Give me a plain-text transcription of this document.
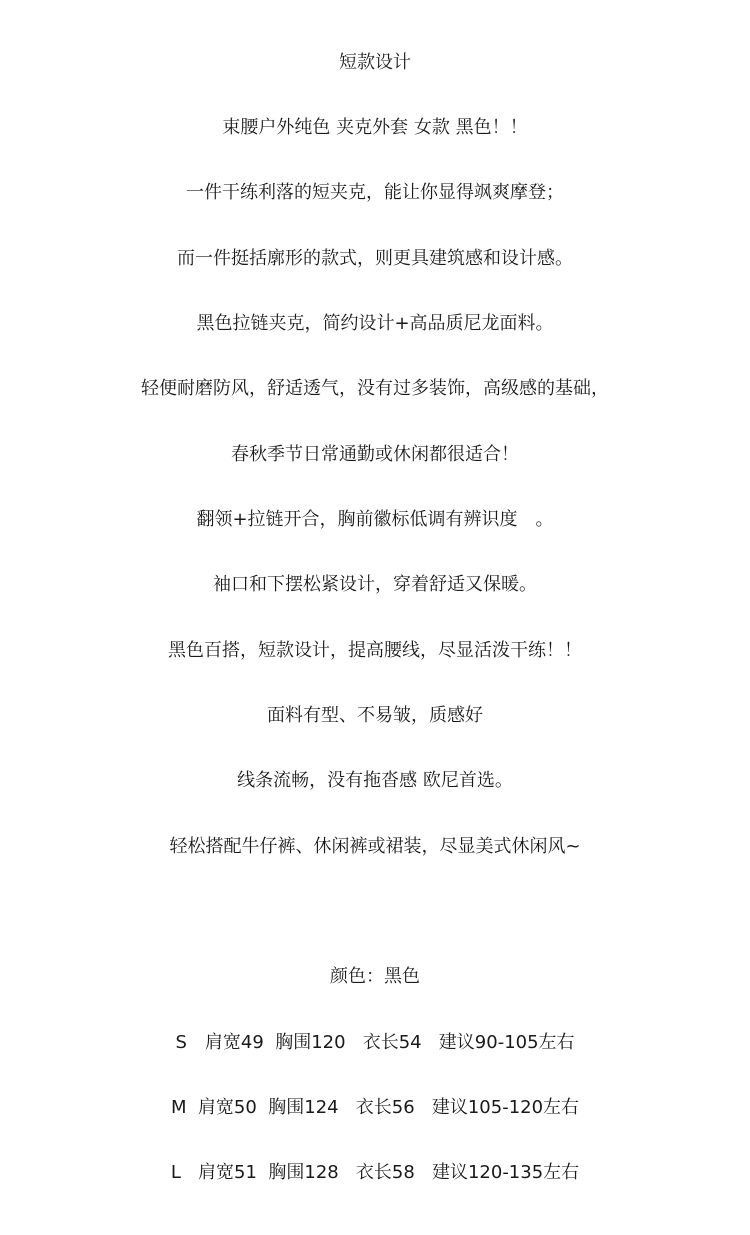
短款设计
束腰户外纯色 夹克外套 女款 黑色！！
一件干练利落的短夹克，能让你显得飒爽摩登；
而一件挺括廓形的款式，则更具建筑感和设计感。
黑色拉链夹克，简约设计+高品质尼龙面料。
轻便耐磨防风，舒适透气，没有过多装饰，高级感的基础，
春秋季节日常通勤或休闲都很适合！
翻领+拉链开合，胸前徽标低调有辨识度　。
袖口和下摆松紧设计，穿着舒适又保暖。
黑色百搭，短款设计，提高腰线，尽显活泼干练！！
面料有型、不易皱，质感好
线条流畅，没有拖沓感 欧尼首选。
轻松搭配牛仔裤、休闲裤或裙装，尽显美式休闲风~
颜色：黑色
S　肩宽49  胸围120   衣长54   建议90-105左右
M  肩宽50  胸围124   衣长56   建议105-120左右
L   肩宽51  胸围128   衣长58   建议120-135左右
